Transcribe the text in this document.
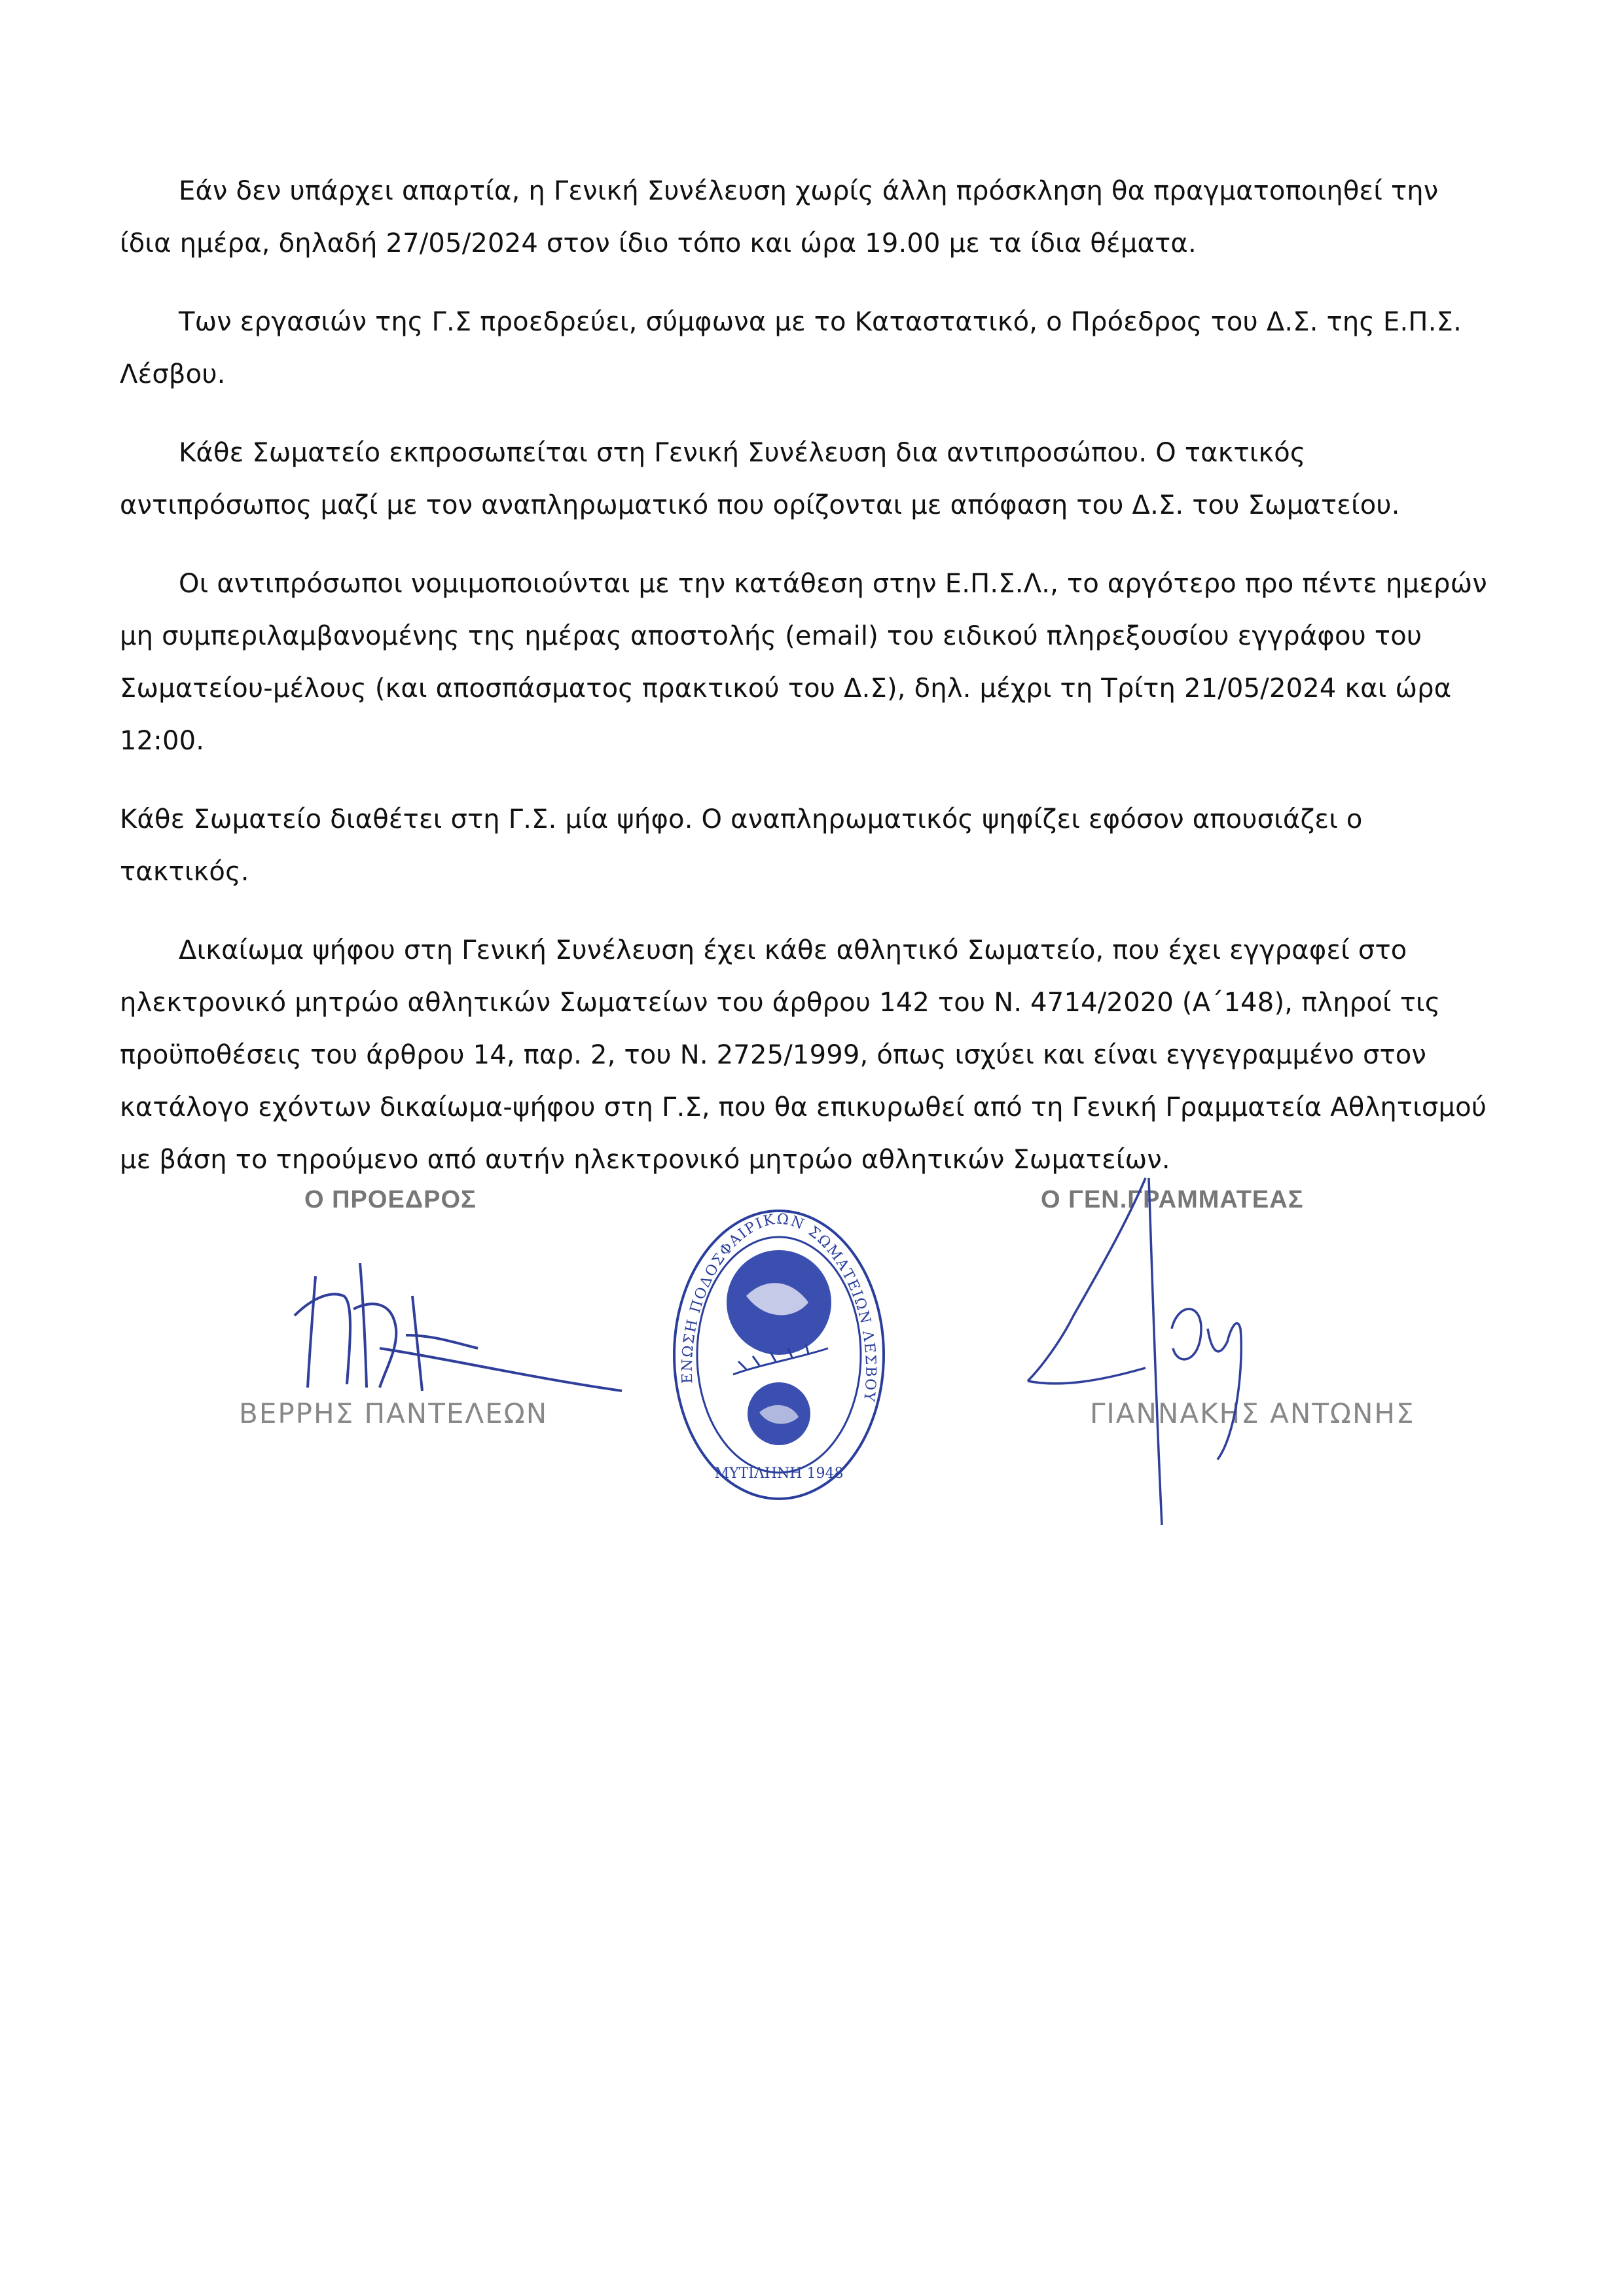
Εάν δεν υπάρχει απαρτία, η Γενική Συνέλευση χωρίς άλλη πρόσκληση θα πραγματοποιηθεί την ίδια ημέρα, δηλαδή 27/05/2024 στον ίδιο τόπο και ώρα 19.00 με τα ίδια θέματα.

Των εργασιών της Γ.Σ προεδρεύει, σύμφωνα με το Καταστατικό, ο Πρόεδρος του Δ.Σ. της Ε.Π.Σ. Λέσβου.

Κάθε Σωματείο εκπροσωπείται στη Γενική Συνέλευση δια αντιπροσώπου. Ο τακτικός αντιπρόσωπος μαζί με τον αναπληρωματικό που ορίζονται με απόφαση του Δ.Σ. του Σωματείου.

Οι αντιπρόσωποι νομιμοποιούνται με την κατάθεση στην Ε.Π.Σ.Λ., το αργότερο προ πέντε ημερών μη συμπεριλαμβανομένης της ημέρας αποστολής (email) του ειδικού πληρεξουσίου εγγράφου του Σωματείου-μέλους (και αποσπάσματος πρακτικού του Δ.Σ), δηλ. μέχρι τη Τρίτη 21/05/2024 και ώρα 12:00.

Κάθε Σωματείο διαθέτει στη Γ.Σ. μία ψήφο. Ο αναπληρωματικός ψηφίζει εφόσον απουσιάζει ο τακτικός.

Δικαίωμα ψήφου στη Γενική Συνέλευση έχει κάθε αθλητικό Σωματείο, που έχει εγγραφεί στο ηλεκτρονικό μητρώο αθλητικών Σωματείων του άρθρου 142 του Ν. 4714/2020 (Α΄148), πληροί τις προϋποθέσεις του άρθρου 14, παρ. 2, του Ν. 2725/1999, όπως ισχύει και είναι εγγεγραμμένο στον κατάλογο εχόντων δικαίωμα-ψήφου στη Γ.Σ, που θα επικυρωθεί από τη Γενική Γραμματεία Αθλητισμού με βάση το τηρούμενο από αυτήν ηλεκτρονικό μητρώο αθλητικών Σωματείων.

Ο ΠΡΟΕΔΡΟΣ
ΒΕΡΡΗΣ ΠΑΝΤΕΛΕΩΝ
ΕΝΩΣΗ ΠΟΔΟΣΦΑΙΡΙΚΩΝ ΣΩΜΑΤΕΙΩΝ ΛΕΣΒΟΥ
ΜΥΤΙΛΗΝΗ 1948
Ο ΓΕΝ.ΓΡΑΜΜΑΤΕΑΣ
ΓΙΑΝΝΑΚΗΣ ΑΝΤΩΝΗΣ
